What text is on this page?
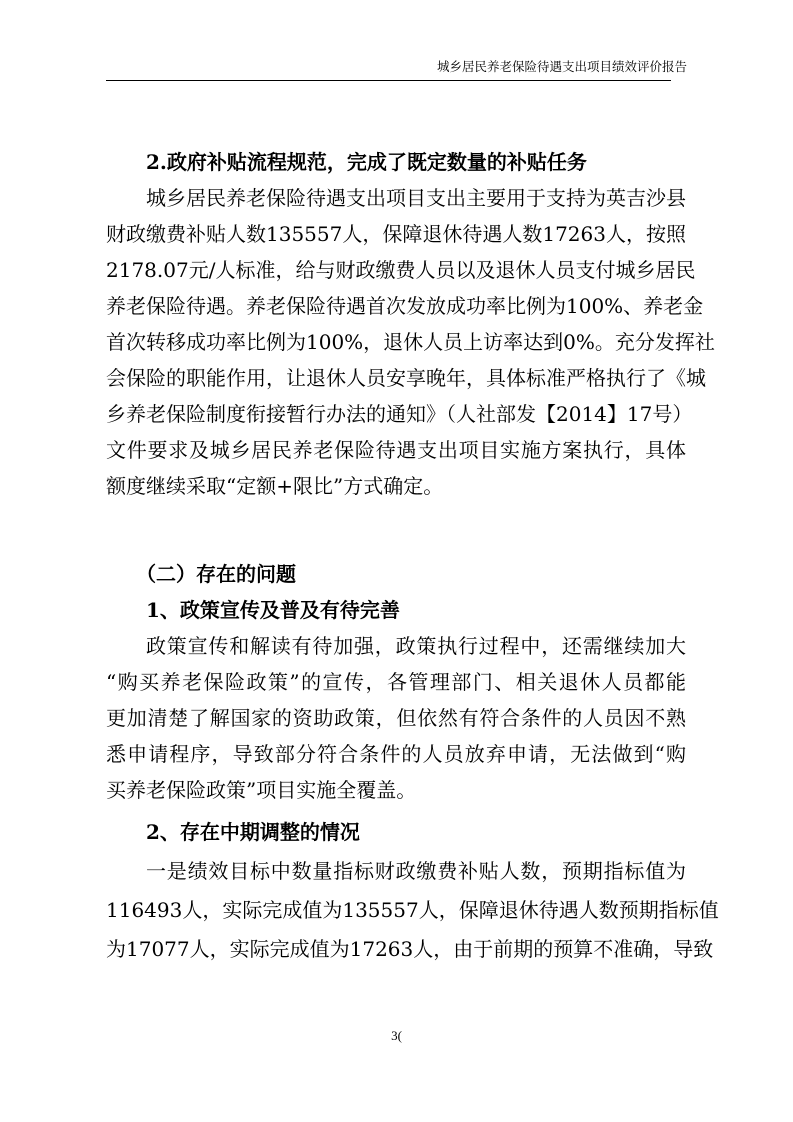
城乡居民养老保险待遇支出项目绩效评价报告
2.政府补贴流程规范，完成了既定数量的补贴任务
城乡居民养老保险待遇支出项目支出主要用于支持为英吉沙县
财政缴费补贴人数135557人，保障退休待遇人数17263人，按照
2178.07元/人标准，给与财政缴费人员以及退休人员支付城乡居民
养老保险待遇。养老保险待遇首次发放成功率比例为100%、养老金
首次转移成功率比例为100%，退休人员上访率达到0%。充分发挥社
会保险的职能作用，让退休人员安享晚年，具体标准严格执行了《城
乡养老保险制度衔接暂行办法的通知》（人社部发【2014】17号）
文件要求及城乡居民养老保险待遇支出项目实施方案执行，具体
额度继续采取“定额+限比”方式确定。
（二）存在的问题
1、政策宣传及普及有待完善
政策宣传和解读有待加强，政策执行过程中，还需继续加大
“购买养老保险政策”的宣传，各管理部门、相关退休人员都能
更加清楚了解国家的资助政策，但依然有符合条件的人员因不熟
悉申请程序，导致部分符合条件的人员放弃申请，无法做到“购
买养老保险政策”项目实施全覆盖。
2、存在中期调整的情况
一是绩效目标中数量指标财政缴费补贴人数，预期指标值为
116493人，实际完成值为135557人，保障退休待遇人数预期指标值
为17077人，实际完成值为17263人，由于前期的预算不准确，导致
3(
